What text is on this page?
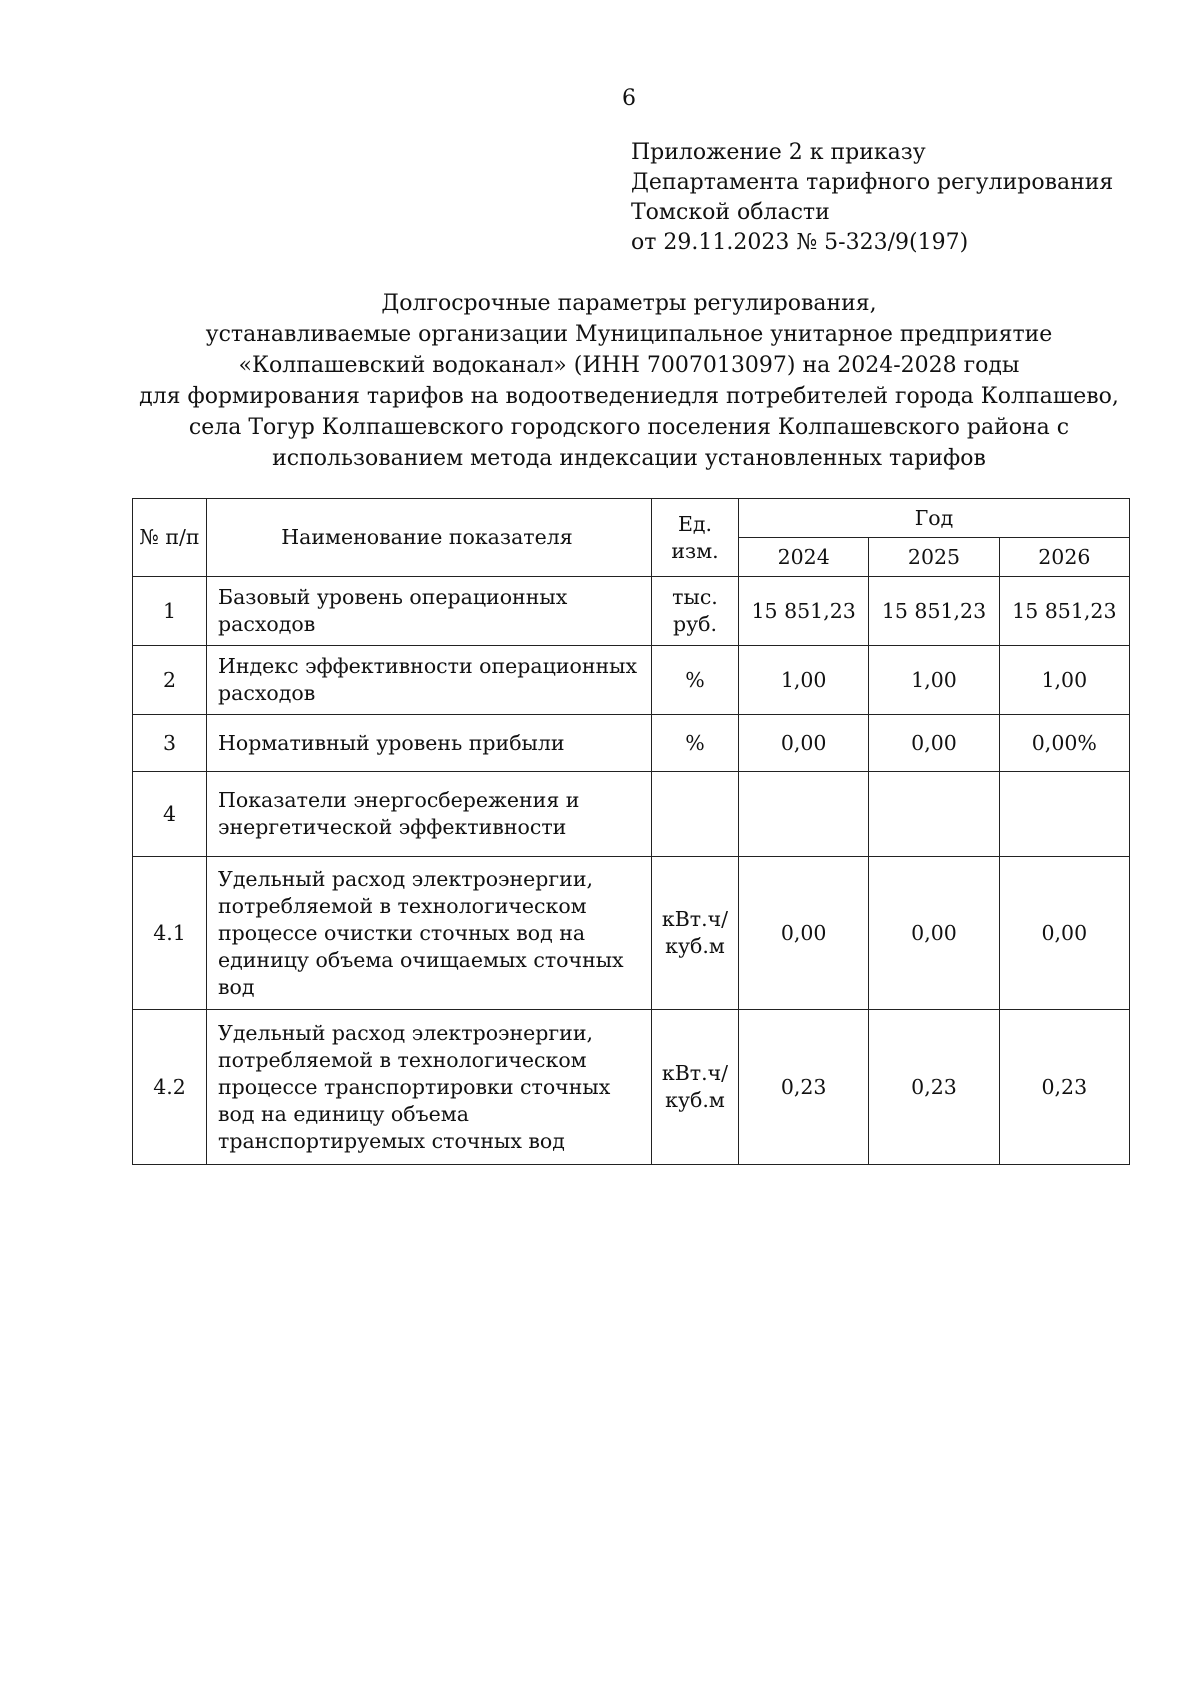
6
Приложение 2 к приказу
Департамента тарифного регулирования
Томской области
от 29.11.2023 № 5-323/9(197)
Долгосрочные параметры регулирования,
устанавливаемые организации Муниципальное унитарное предприятие
«Колпашевский водоканал» (ИНН 7007013097) на 2024-2028 годы
для формирования тарифов на водоотведениедля потребителей города Колпашево,
села Тогур Колпашевского городского поселения Колпашевского района с
использованием метода индексации установленных тарифов
№ п/п	Наименование показателя	Ед. изм.	Год		
			2024	2025	2026
1	Базовый уровень операционных расходов	тыс. руб.	15 851,23	15 851,23	15 851,23
2	Индекс эффективности операционных расходов	%	1,00	1,00	1,00
3	Нормативный уровень прибыли	%	0,00	0,00	0,00%
4	Показатели энергосбережения и энергетической эффективности				
4.1	Удельный расход электроэнергии, потребляемой в технологическом процессе очистки сточных вод на единицу объема очищаемых сточных вод	кВт.ч/ куб.м	0,00	0,00	0,00
4.2	Удельный расход электроэнергии, потребляемой в технологическом процессе транспортировки сточных вод на единицу объема транспортируемых сточных вод	кВт.ч/ куб.м	0,23	0,23	0,23
